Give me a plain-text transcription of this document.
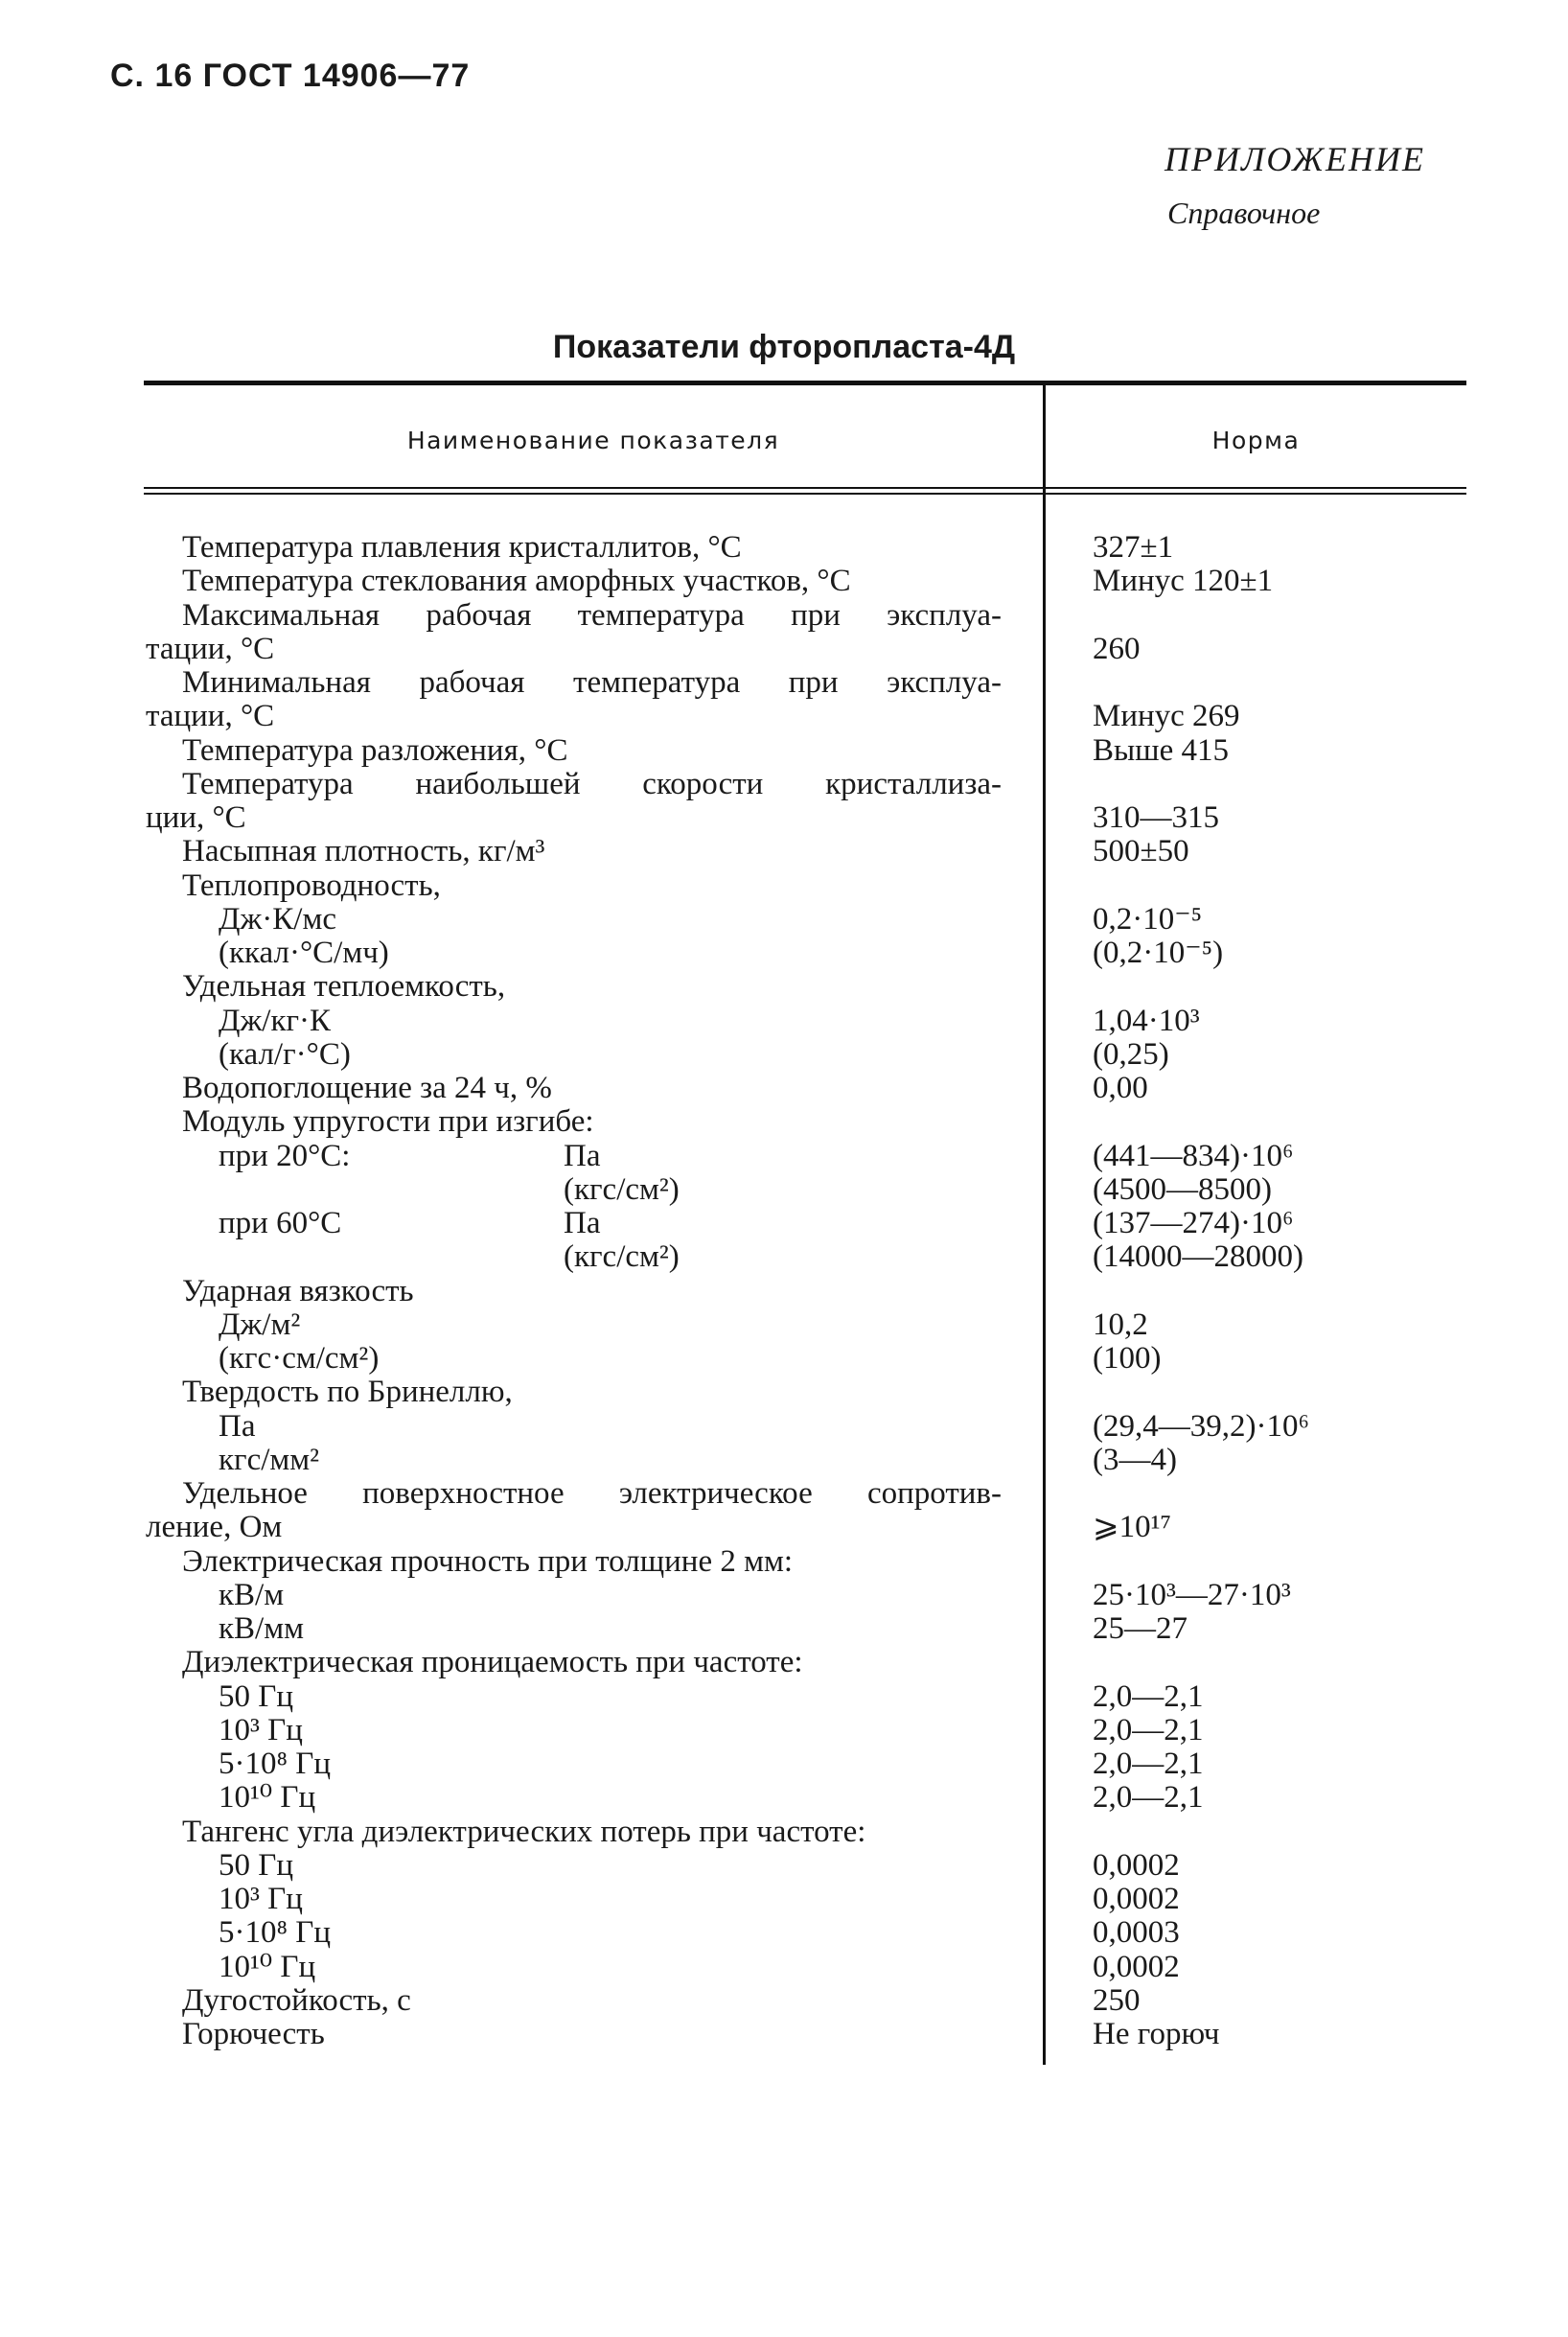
С. 16 ГОСТ 14906—77
ПРИЛОЖЕНИЕ
Справочное
Показатели фторопласта-4Д
Наименование показателя	Норма
Температура плавления кристаллитов, °С	327±1
Температура стеклования аморфных участков, °С	Минус 120±1
Максимальная рабочая температура при эксплуа-
тации, °С	260
Минимальная рабочая температура при эксплуа-
тации, °С	Минус 269
Температура разложения, °С	Выше 415
Температура наибольшей скорости кристаллиза-
ции, °С	310—315
Насыпная плотность, кг/м³	500±50
Теплопроводность,
Дж·К/мс	0,2·10⁻⁵
(ккал·°С/мч)	(0,2·10⁻⁵)
Удельная теплоемкость,
Дж/кг·К	1,04·10³
(кал/г·°С)	(0,25)
Водопоглощение за 24 ч, %	0,00
Модуль упругости при изгибе:
при 20°С:	Па	(441—834)·10⁶
(кгс/см²)	(4500—8500)
при 60°С	Па	(137—274)·10⁶
(кгс/см²)	(14000—28000)
Ударная вязкость
Дж/м²	10,2
(кгс·см/см²)	(100)
Твердость по Бринеллю,
Па	(29,4—39,2)·10⁶
кгс/мм²	(3—4)
Удельное поверхностное электрическое сопротив-
ление, Ом	⩾10¹⁷
Электрическая прочность при толщине 2 мм:
кВ/м	25·10³—27·10³
кВ/мм	25—27
Диэлектрическая проницаемость при частоте:
50 Гц	2,0—2,1
10³ Гц	2,0—2,1
5·10⁸ Гц	2,0—2,1
10¹⁰ Гц	2,0—2,1
Тангенс угла диэлектрических потерь при частоте:
50 Гц	0,0002
10³ Гц	0,0002
5·10⁸ Гц	0,0003
10¹⁰ Гц	0,0002
Дугостойкость, с	250
Горючесть	Не горюч
